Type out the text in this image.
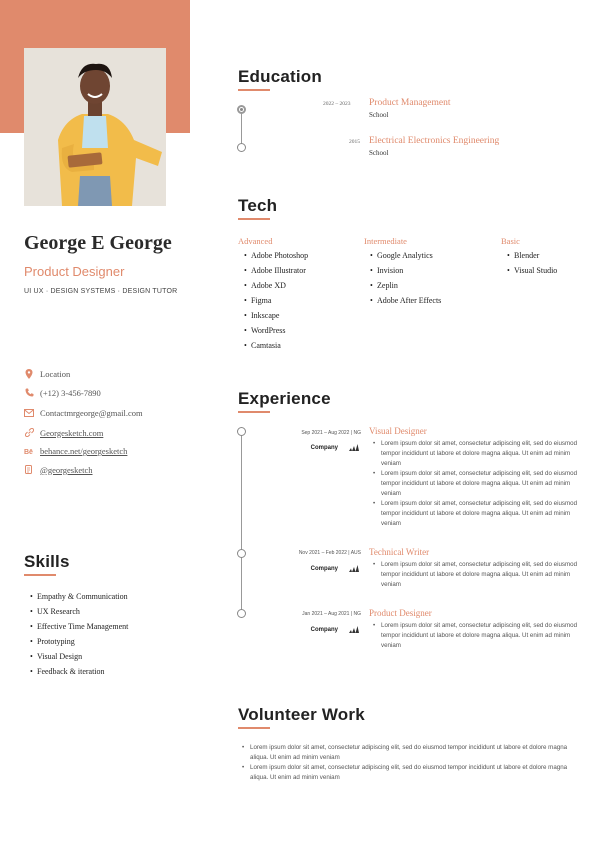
George E George
Product Designer
UI UX · DESIGN SYSTEMS · DESIGN TUTOR
Location
(+12) 3-456-7890
Contactmrgeorge@gmail.com
Georgesketch.com
Bē behance.net/georgesketch
@georgesketch
Skills
• Empathy & Communication
• UX Research
• Effective Time Management
• Prototyping
• Visual Design
• Feedback & iteration
Education
2022 – 2023 Product Management
School
2015 Electrical Electronics Engineering
School
Tech
Advanced
• Adobe Photoshop
• Adobe Illustrator
• Adobe XD
• Figma
• Inkscape
• WordPress
• Camtasia
Intermediate
• Google Analytics
• Invision
• Zeplin
• Adobe After Effects
Basic
• Blender
• Visual Studio
Experience
Sep 2021 – Aug 2022 | NG
Company
Visual Designer
• Lorem ipsum dolor sit amet, consectetur adipiscing elit, sed do eiusmod tempor incididunt ut labore et dolore magna aliqua. Ut enim ad minim veniam
• Lorem ipsum dolor sit amet, consectetur adipiscing elit, sed do eiusmod tempor incididunt ut labore et dolore magna aliqua. Ut enim ad minim veniam
• Lorem ipsum dolor sit amet, consectetur adipiscing elit, sed do eiusmod tempor incididunt ut labore et dolore magna aliqua. Ut enim ad minim veniam
Nov 2021 – Feb 2022 | AUS
Company
Technical Writer
• Lorem ipsum dolor sit amet, consectetur adipiscing elit, sed do eiusmod tempor incididunt ut labore et dolore magna aliqua. Ut enim ad minim veniam
Jan 2021 – Aug 2021 | NG
Company
Product Designer
• Lorem ipsum dolor sit amet, consectetur adipiscing elit, sed do eiusmod tempor incididunt ut labore et dolore magna aliqua. Ut enim ad minim veniam
Volunteer Work
• Lorem ipsum dolor sit amet, consectetur adipiscing elit, sed do eiusmod tempor incididunt ut labore et dolore magna aliqua. Ut enim ad minim veniam
• Lorem ipsum dolor sit amet, consectetur adipiscing elit, sed do eiusmod tempor incididunt ut labore et dolore magna aliqua. Ut enim ad minim veniam
